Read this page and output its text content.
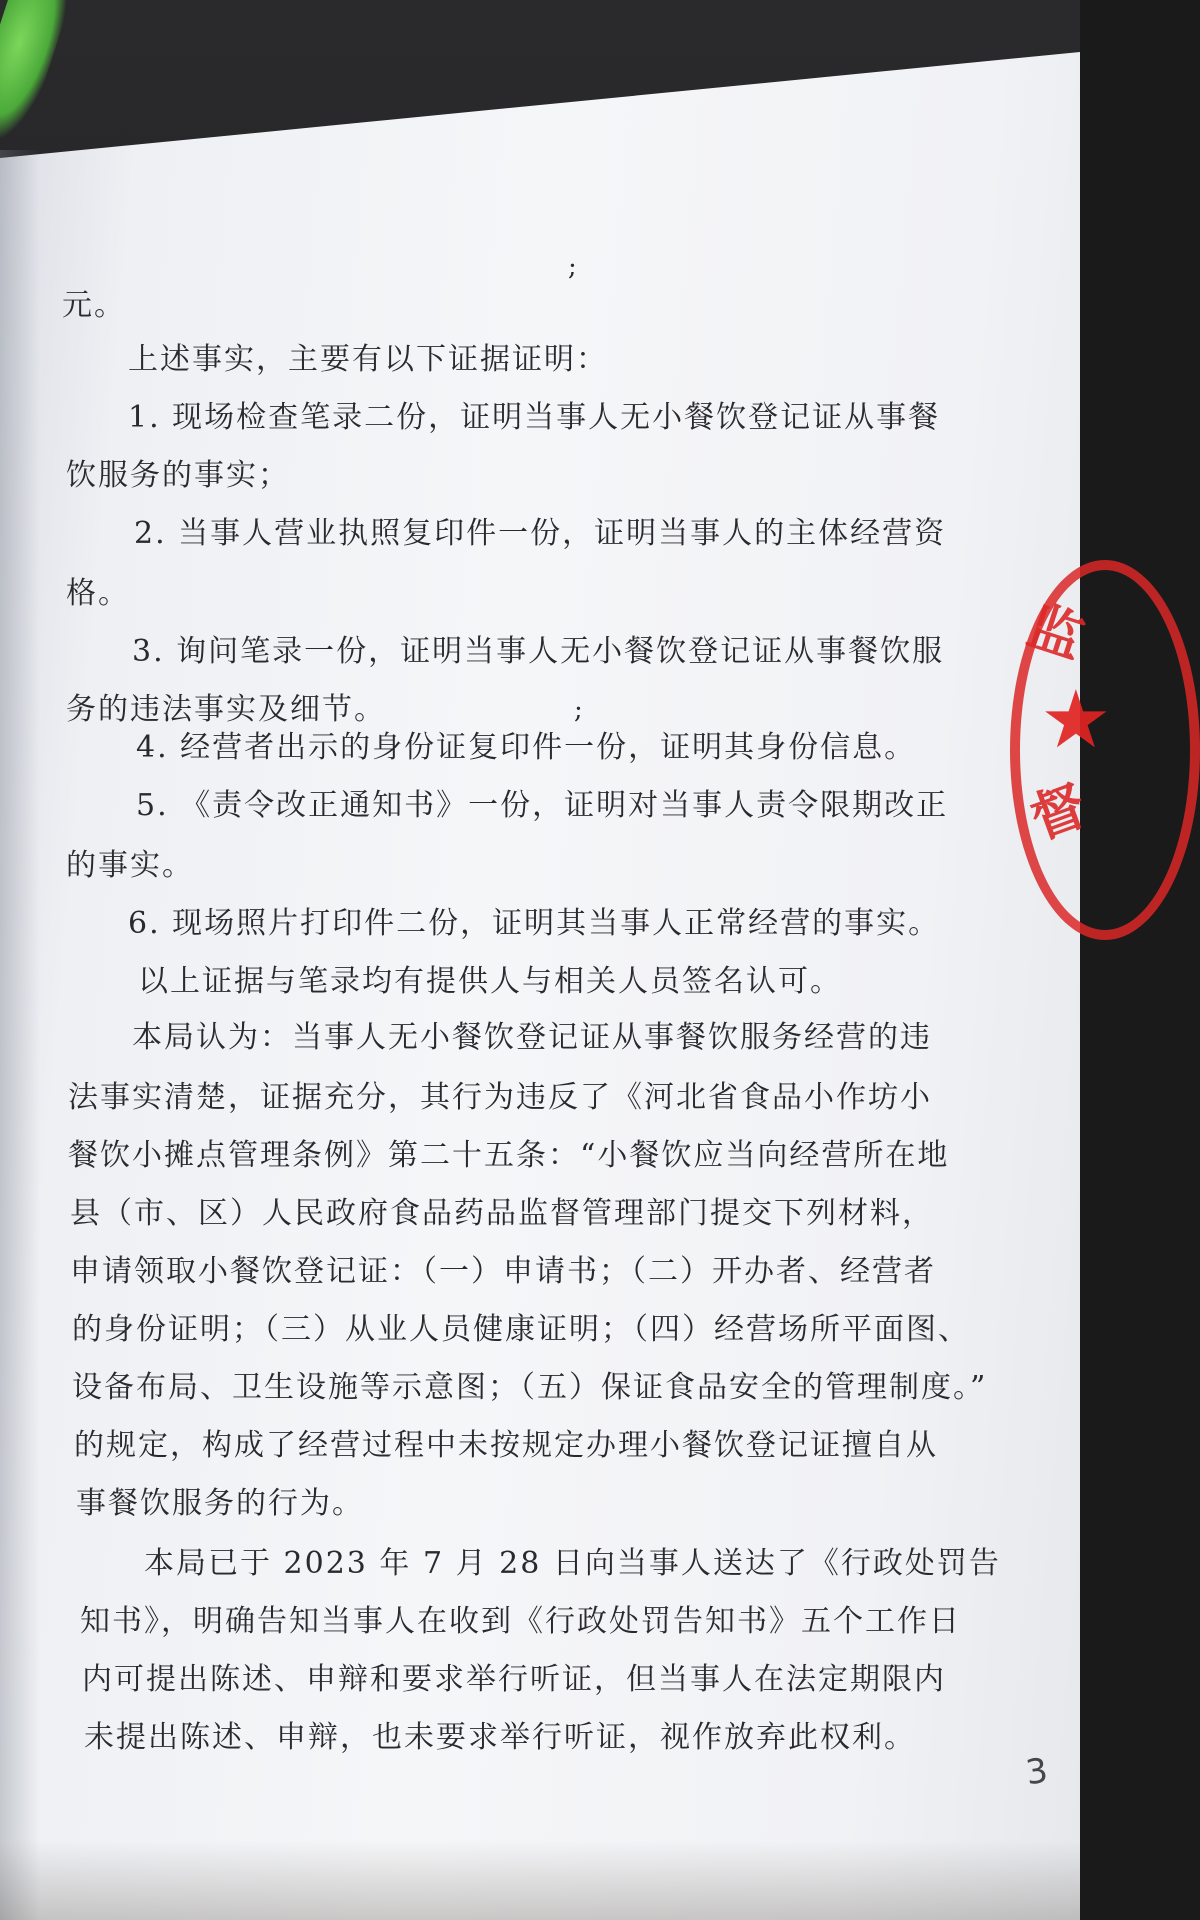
监
★
督
;
;
元。
上述事实，主要有以下证据证明：
1. 现场检查笔录二份，证明当事人无小餐饮登记证从事餐
饮服务的事实；
2. 当事人营业执照复印件一份，证明当事人的主体经营资
格。
3. 询问笔录一份，证明当事人无小餐饮登记证从事餐饮服
务的违法事实及细节。
4. 经营者出示的身份证复印件一份，证明其身份信息。
5. 《责令改正通知书》一份，证明对当事人责令限期改正
的事实。
6. 现场照片打印件二份，证明其当事人正常经营的事实。
以上证据与笔录均有提供人与相关人员签名认可。
本局认为：当事人无小餐饮登记证从事餐饮服务经营的违
法事实清楚，证据充分，其行为违反了《河北省食品小作坊小
餐饮小摊点管理条例》第二十五条：“小餐饮应当向经营所在地
县（市、区）人民政府食品药品监督管理部门提交下列材料，
申请领取小餐饮登记证：（一）申请书；（二）开办者、经营者
的身份证明；（三）从业人员健康证明；（四）经营场所平面图、
设备布局、卫生设施等示意图；（五）保证食品安全的管理制度。”
的规定，构成了经营过程中未按规定办理小餐饮登记证擅自从
事餐饮服务的行为。
本局已于 2023 年 7 月 28 日向当事人送达了《行政处罚告
知书》，明确告知当事人在收到《行政处罚告知书》五个工作日
内可提出陈述、申辩和要求举行听证，但当事人在法定期限内
未提出陈述、申辩，也未要求举行听证，视作放弃此权利。
3
